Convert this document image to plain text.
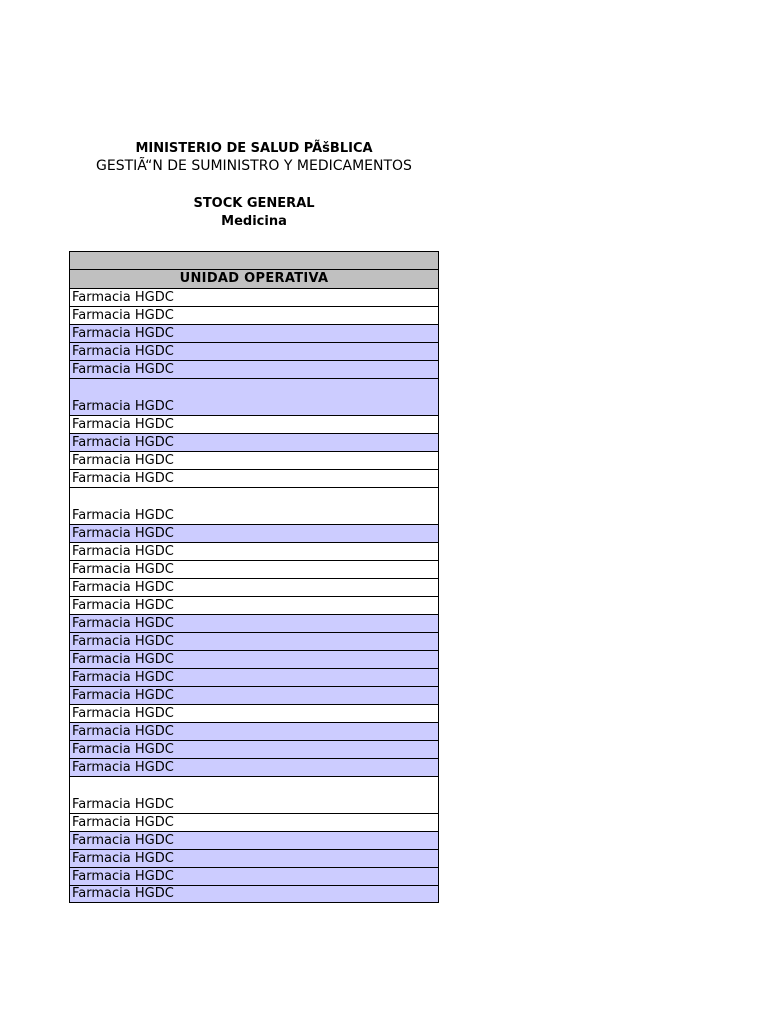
MINISTERIO DE SALUD PÃšBLICA
GESTIÃ“N DE SUMINISTRO Y MEDICAMENTOS
STOCK GENERAL
Medicina
UNIDAD OPERATIVA
Farmacia HGDC
Farmacia HGDC
Farmacia HGDC
Farmacia HGDC
Farmacia HGDC
Farmacia HGDC
Farmacia HGDC
Farmacia HGDC
Farmacia HGDC
Farmacia HGDC
Farmacia HGDC
Farmacia HGDC
Farmacia HGDC
Farmacia HGDC
Farmacia HGDC
Farmacia HGDC
Farmacia HGDC
Farmacia HGDC
Farmacia HGDC
Farmacia HGDC
Farmacia HGDC
Farmacia HGDC
Farmacia HGDC
Farmacia HGDC
Farmacia HGDC
Farmacia HGDC
Farmacia HGDC
Farmacia HGDC
Farmacia HGDC
Farmacia HGDC
Farmacia HGDC
